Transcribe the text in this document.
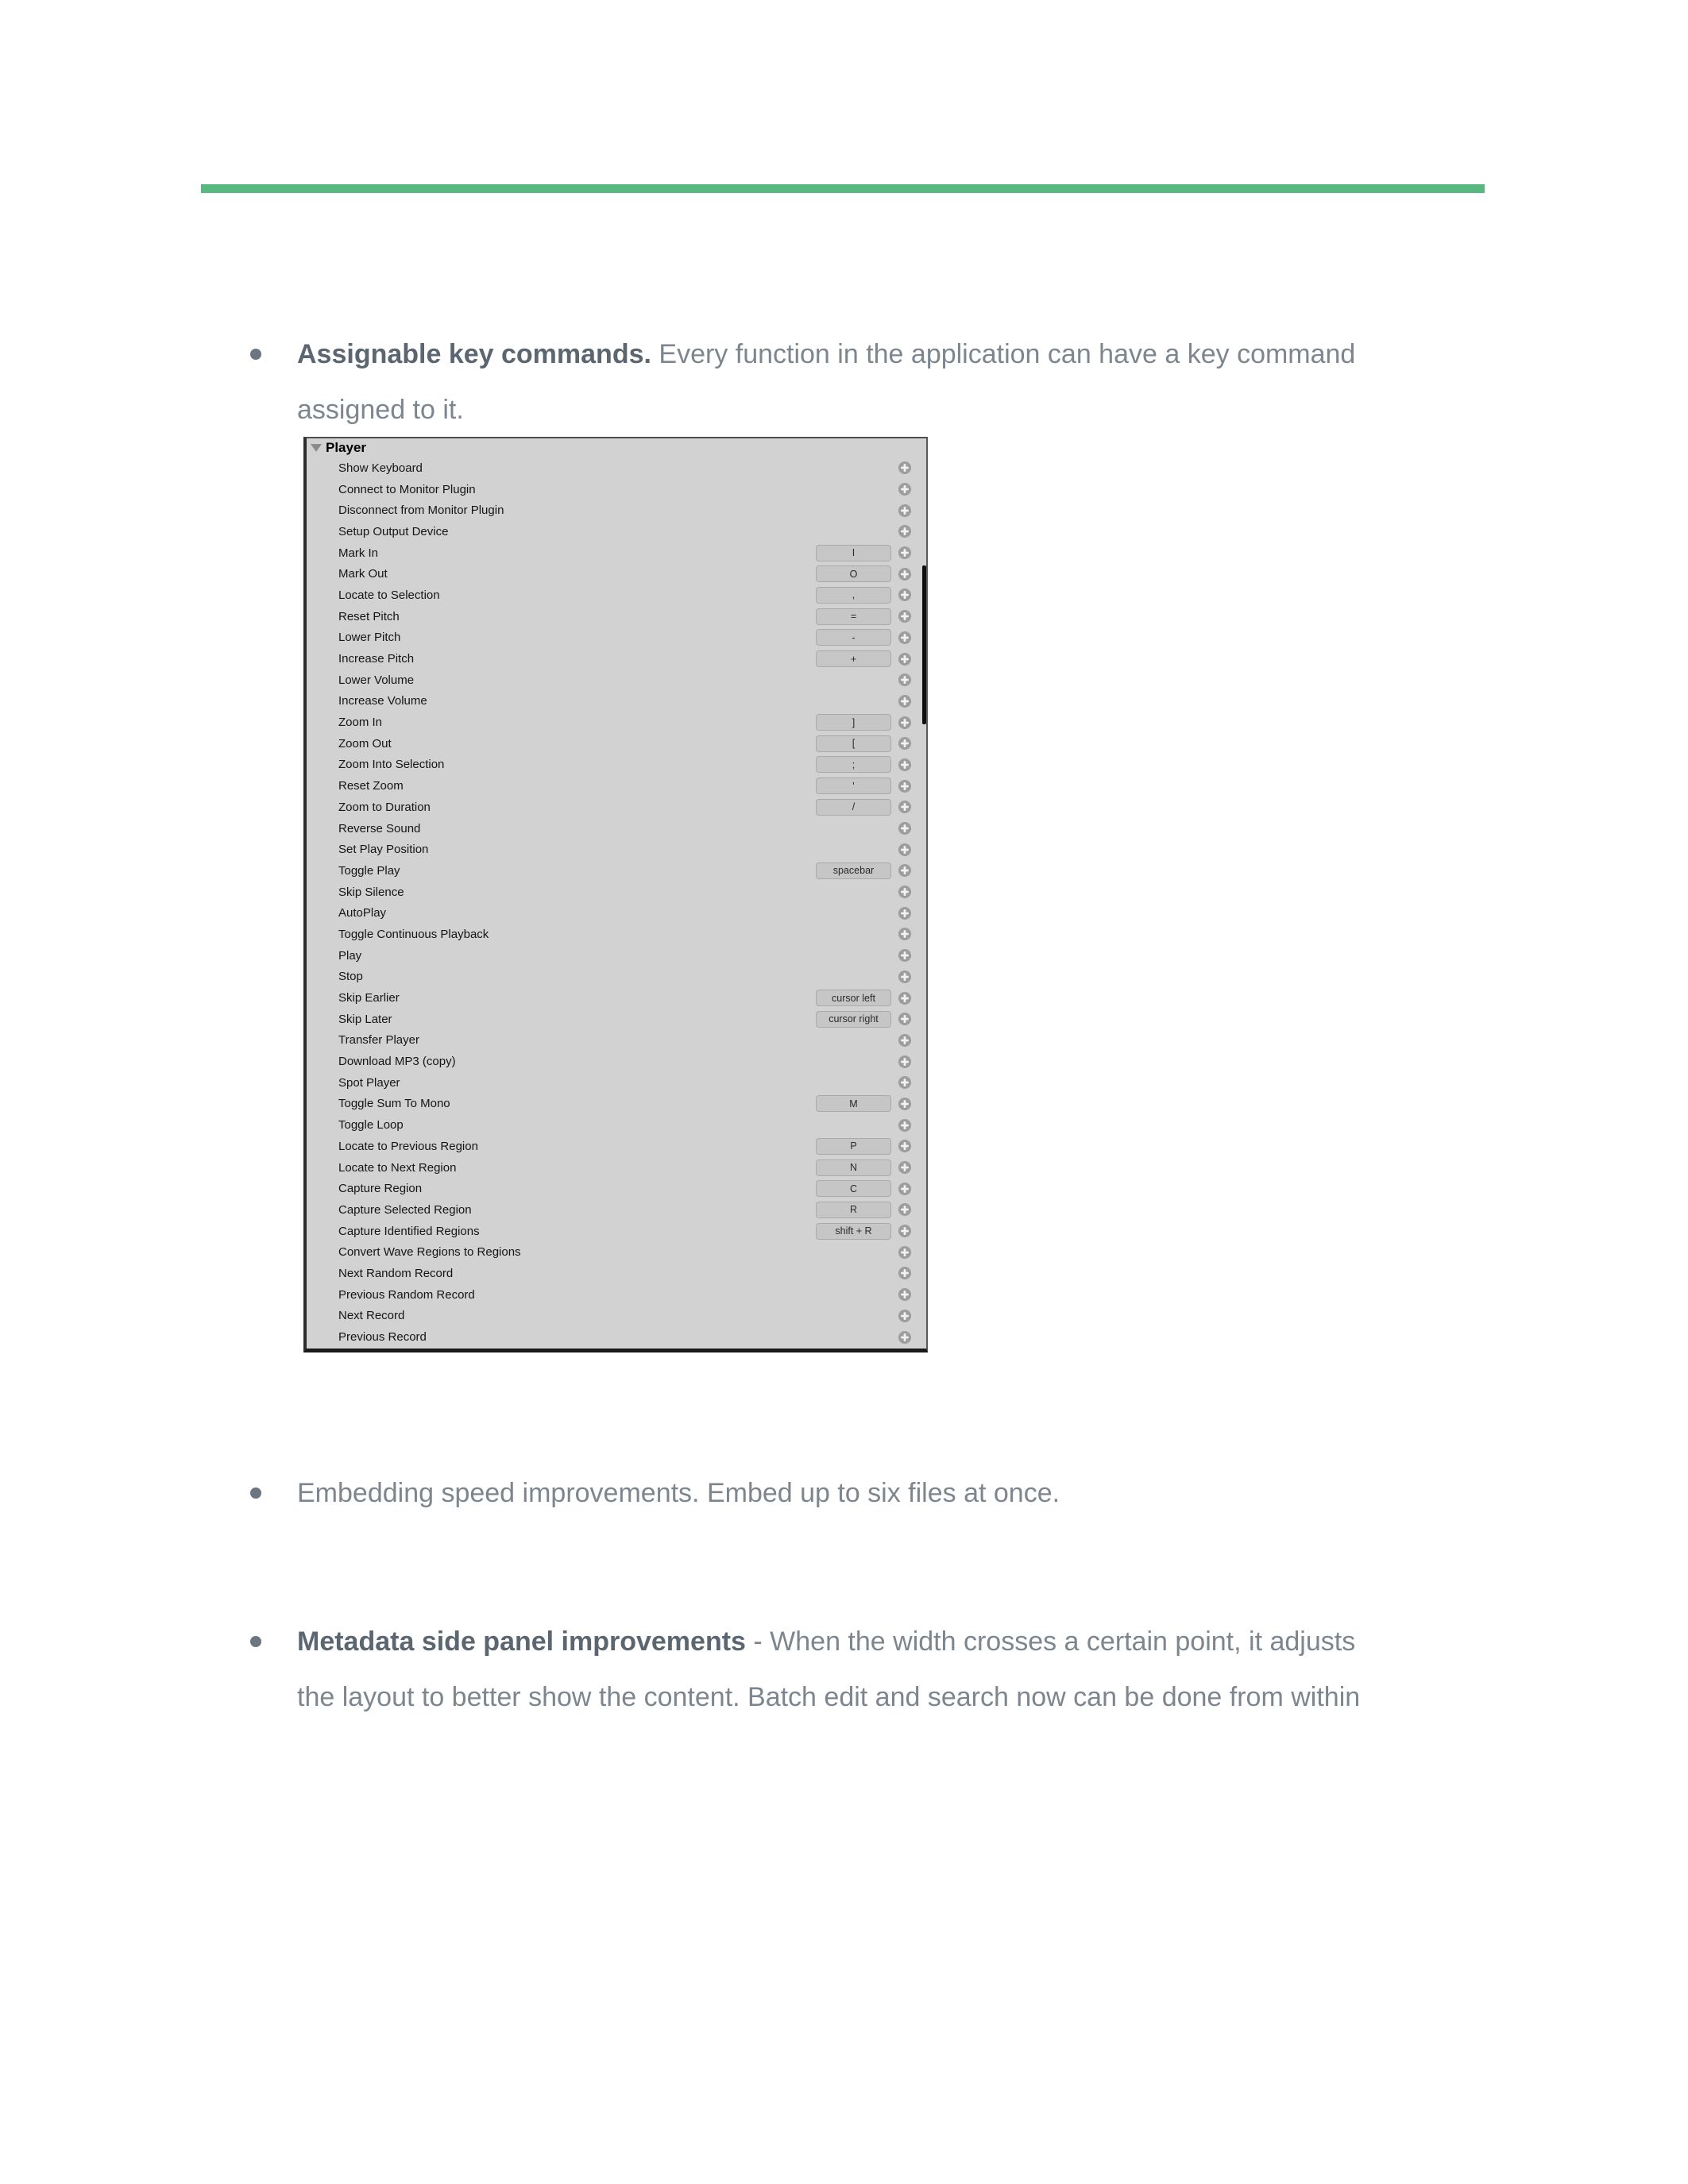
Assignable key commands. Every function in the application can have a key command
assigned to it.
Player
Show Keyboard
Connect to Monitor Plugin
Disconnect from Monitor Plugin
Setup Output Device
Mark In	I
Mark Out	O
Locate to Selection	,
Reset Pitch	=
Lower Pitch	-
Increase Pitch	+
Lower Volume
Increase Volume
Zoom In	]
Zoom Out	[
Zoom Into Selection	;
Reset Zoom	'
Zoom to Duration	/
Reverse Sound
Set Play Position
Toggle Play	spacebar
Skip Silence
AutoPlay
Toggle Continuous Playback
Play
Stop
Skip Earlier	cursor left
Skip Later	cursor right
Transfer Player
Download MP3 (copy)
Spot Player
Toggle Sum To Mono	M
Toggle Loop
Locate to Previous Region	P
Locate to Next Region	N
Capture Region	C
Capture Selected Region	R
Capture Identified Regions	shift + R
Convert Wave Regions to Regions
Next Random Record
Previous Random Record
Next Record
Previous Record
Embedding speed improvements. Embed up to six files at once.
Metadata side panel improvements - When the width crosses a certain point, it adjusts
the layout to better show the content. Batch edit and search now can be done from within
